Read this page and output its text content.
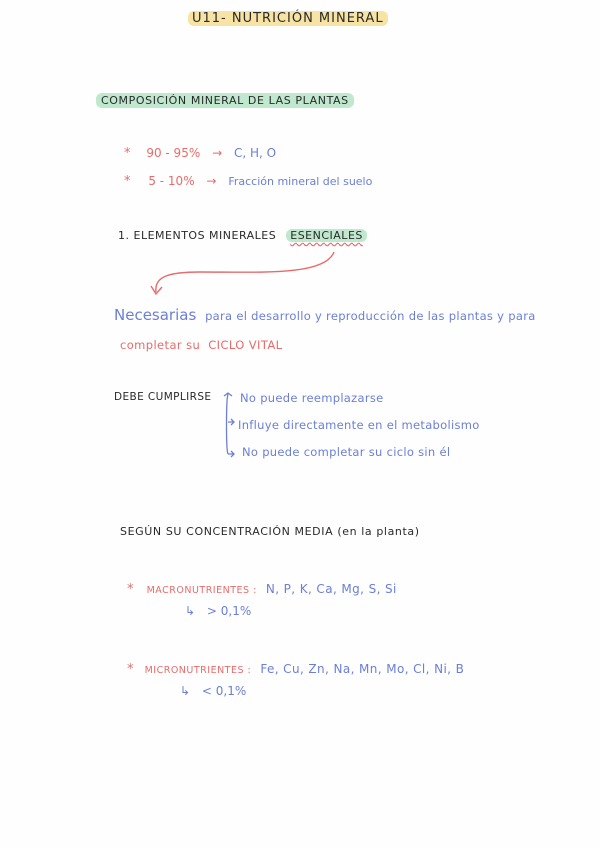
U11- NUTRICIÓN MINERAL
COMPOSICIÓN MINERAL DE LAS PLANTAS
* 90 - 95% → C, H, O
* 5 - 10% → Fracción mineral del suelo
1. ELEMENTOS MINERALES ESENCIALES
Necesarias para el desarrollo y reproducción de las plantas y para
completar su CICLO VITAL
DEBE CUMPLIRSE No puede reemplazarse
Influye directamente en el metabolismo
No puede completar su ciclo sin él
SEGÚN SU CONCENTRACIÓN MEDIA (en la planta)
* MACRONUTRIENTES : N, P, K, Ca, Mg, S, Si
↳ > 0,1%
* MICRONUTRIENTES : Fe, Cu, Zn, Na, Mn, Mo, Cl, Ni, B
↳ < 0,1%
